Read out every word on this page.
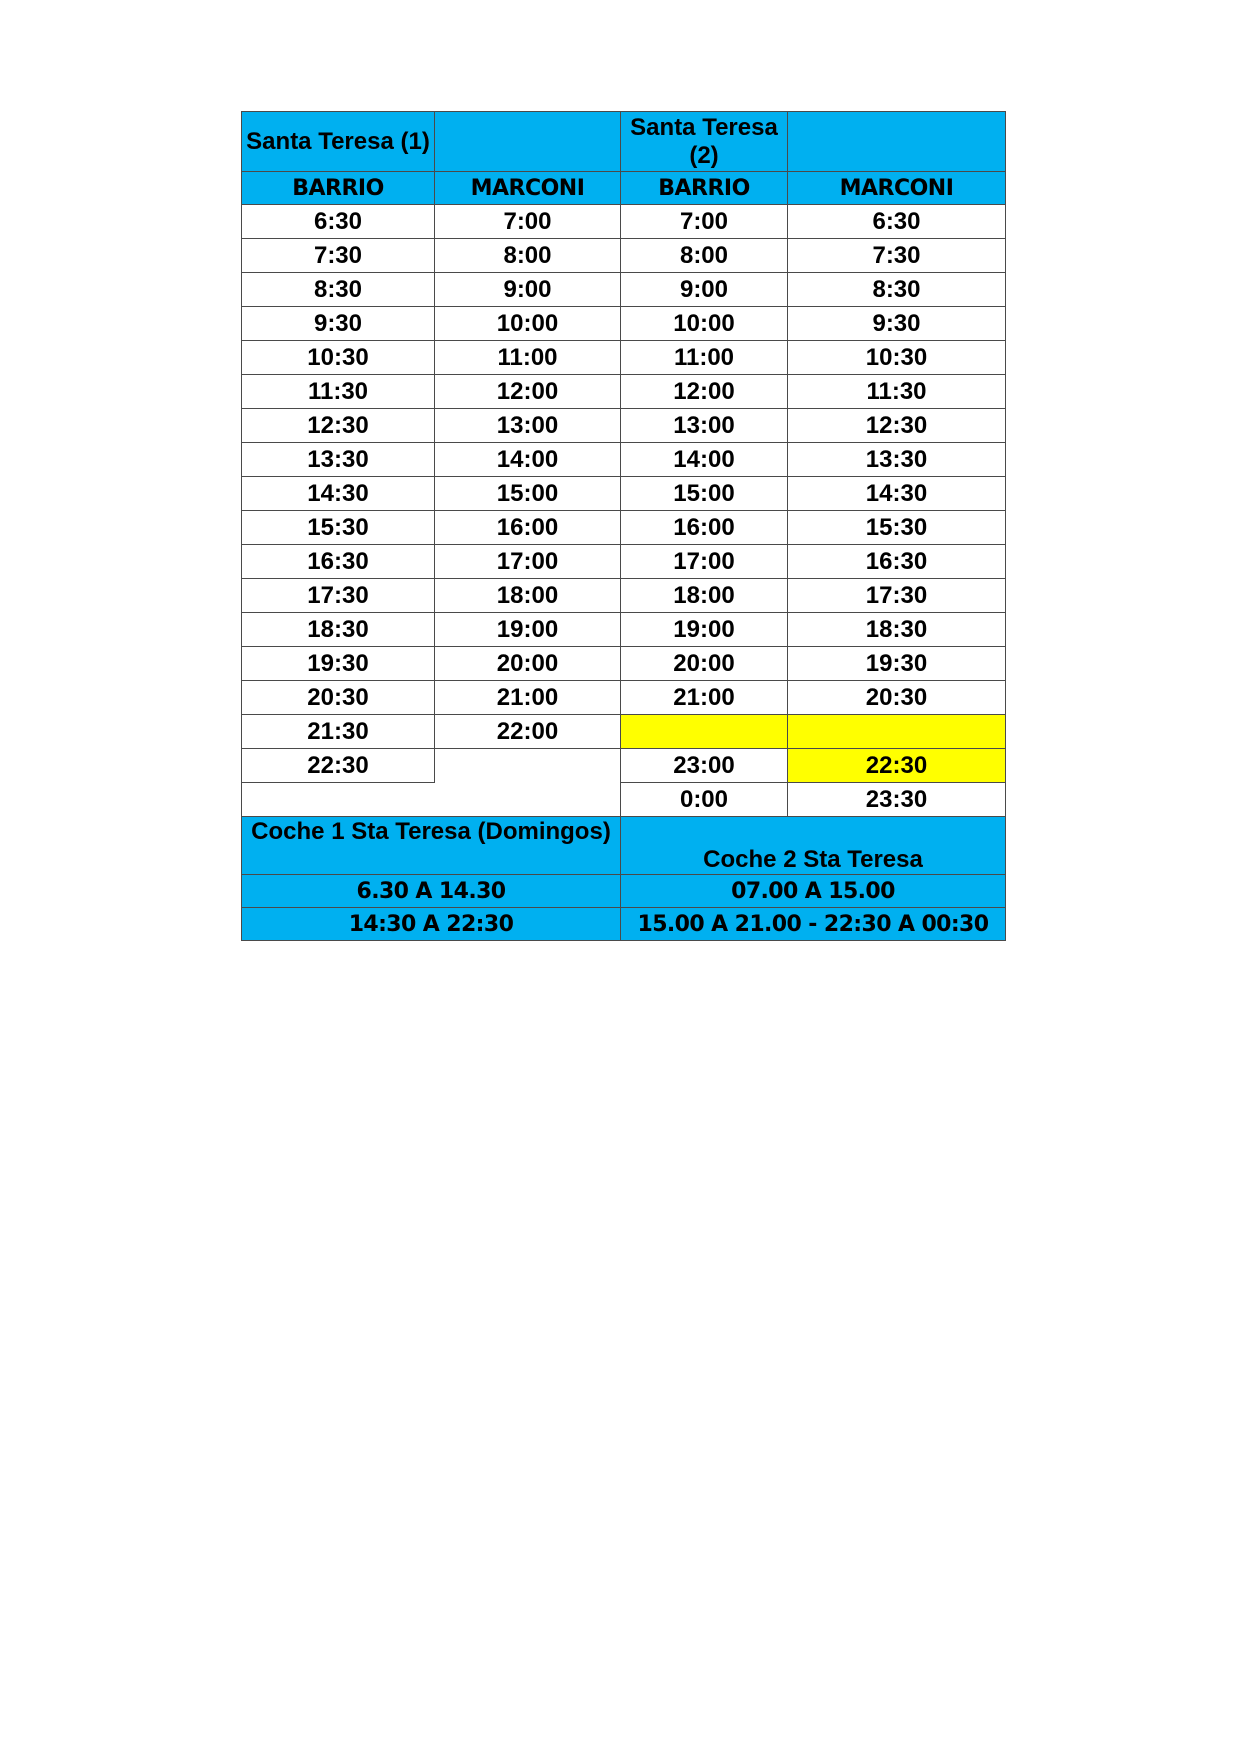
Santa Teresa (1)		Santa Teresa (2)	
BARRIO	MARCONI	BARRIO	MARCONI
6:30	7:00	7:00	6:30
7:30	8:00	8:00	7:30
8:30	9:00	9:00	8:30
9:30	10:00	10:00	9:30
10:30	11:00	11:00	10:30
11:30	12:00	12:00	11:30
12:30	13:00	13:00	12:30
13:30	14:00	14:00	13:30
14:30	15:00	15:00	14:30
15:30	16:00	16:00	15:30
16:30	17:00	17:00	16:30
17:30	18:00	18:00	17:30
18:30	19:00	19:00	18:30
19:30	20:00	20:00	19:30
20:30	21:00	21:00	20:30
21:30	22:00		
22:30		23:00	22:30
		0:00	23:30
Coche 1 Sta Teresa (Domingos)		Coche 2 Sta Teresa	
6.30 A 14.30		07.00 A 15.00	
14:30 A 22:30		15.00 A 21.00 - 22:30 A 00:30	
